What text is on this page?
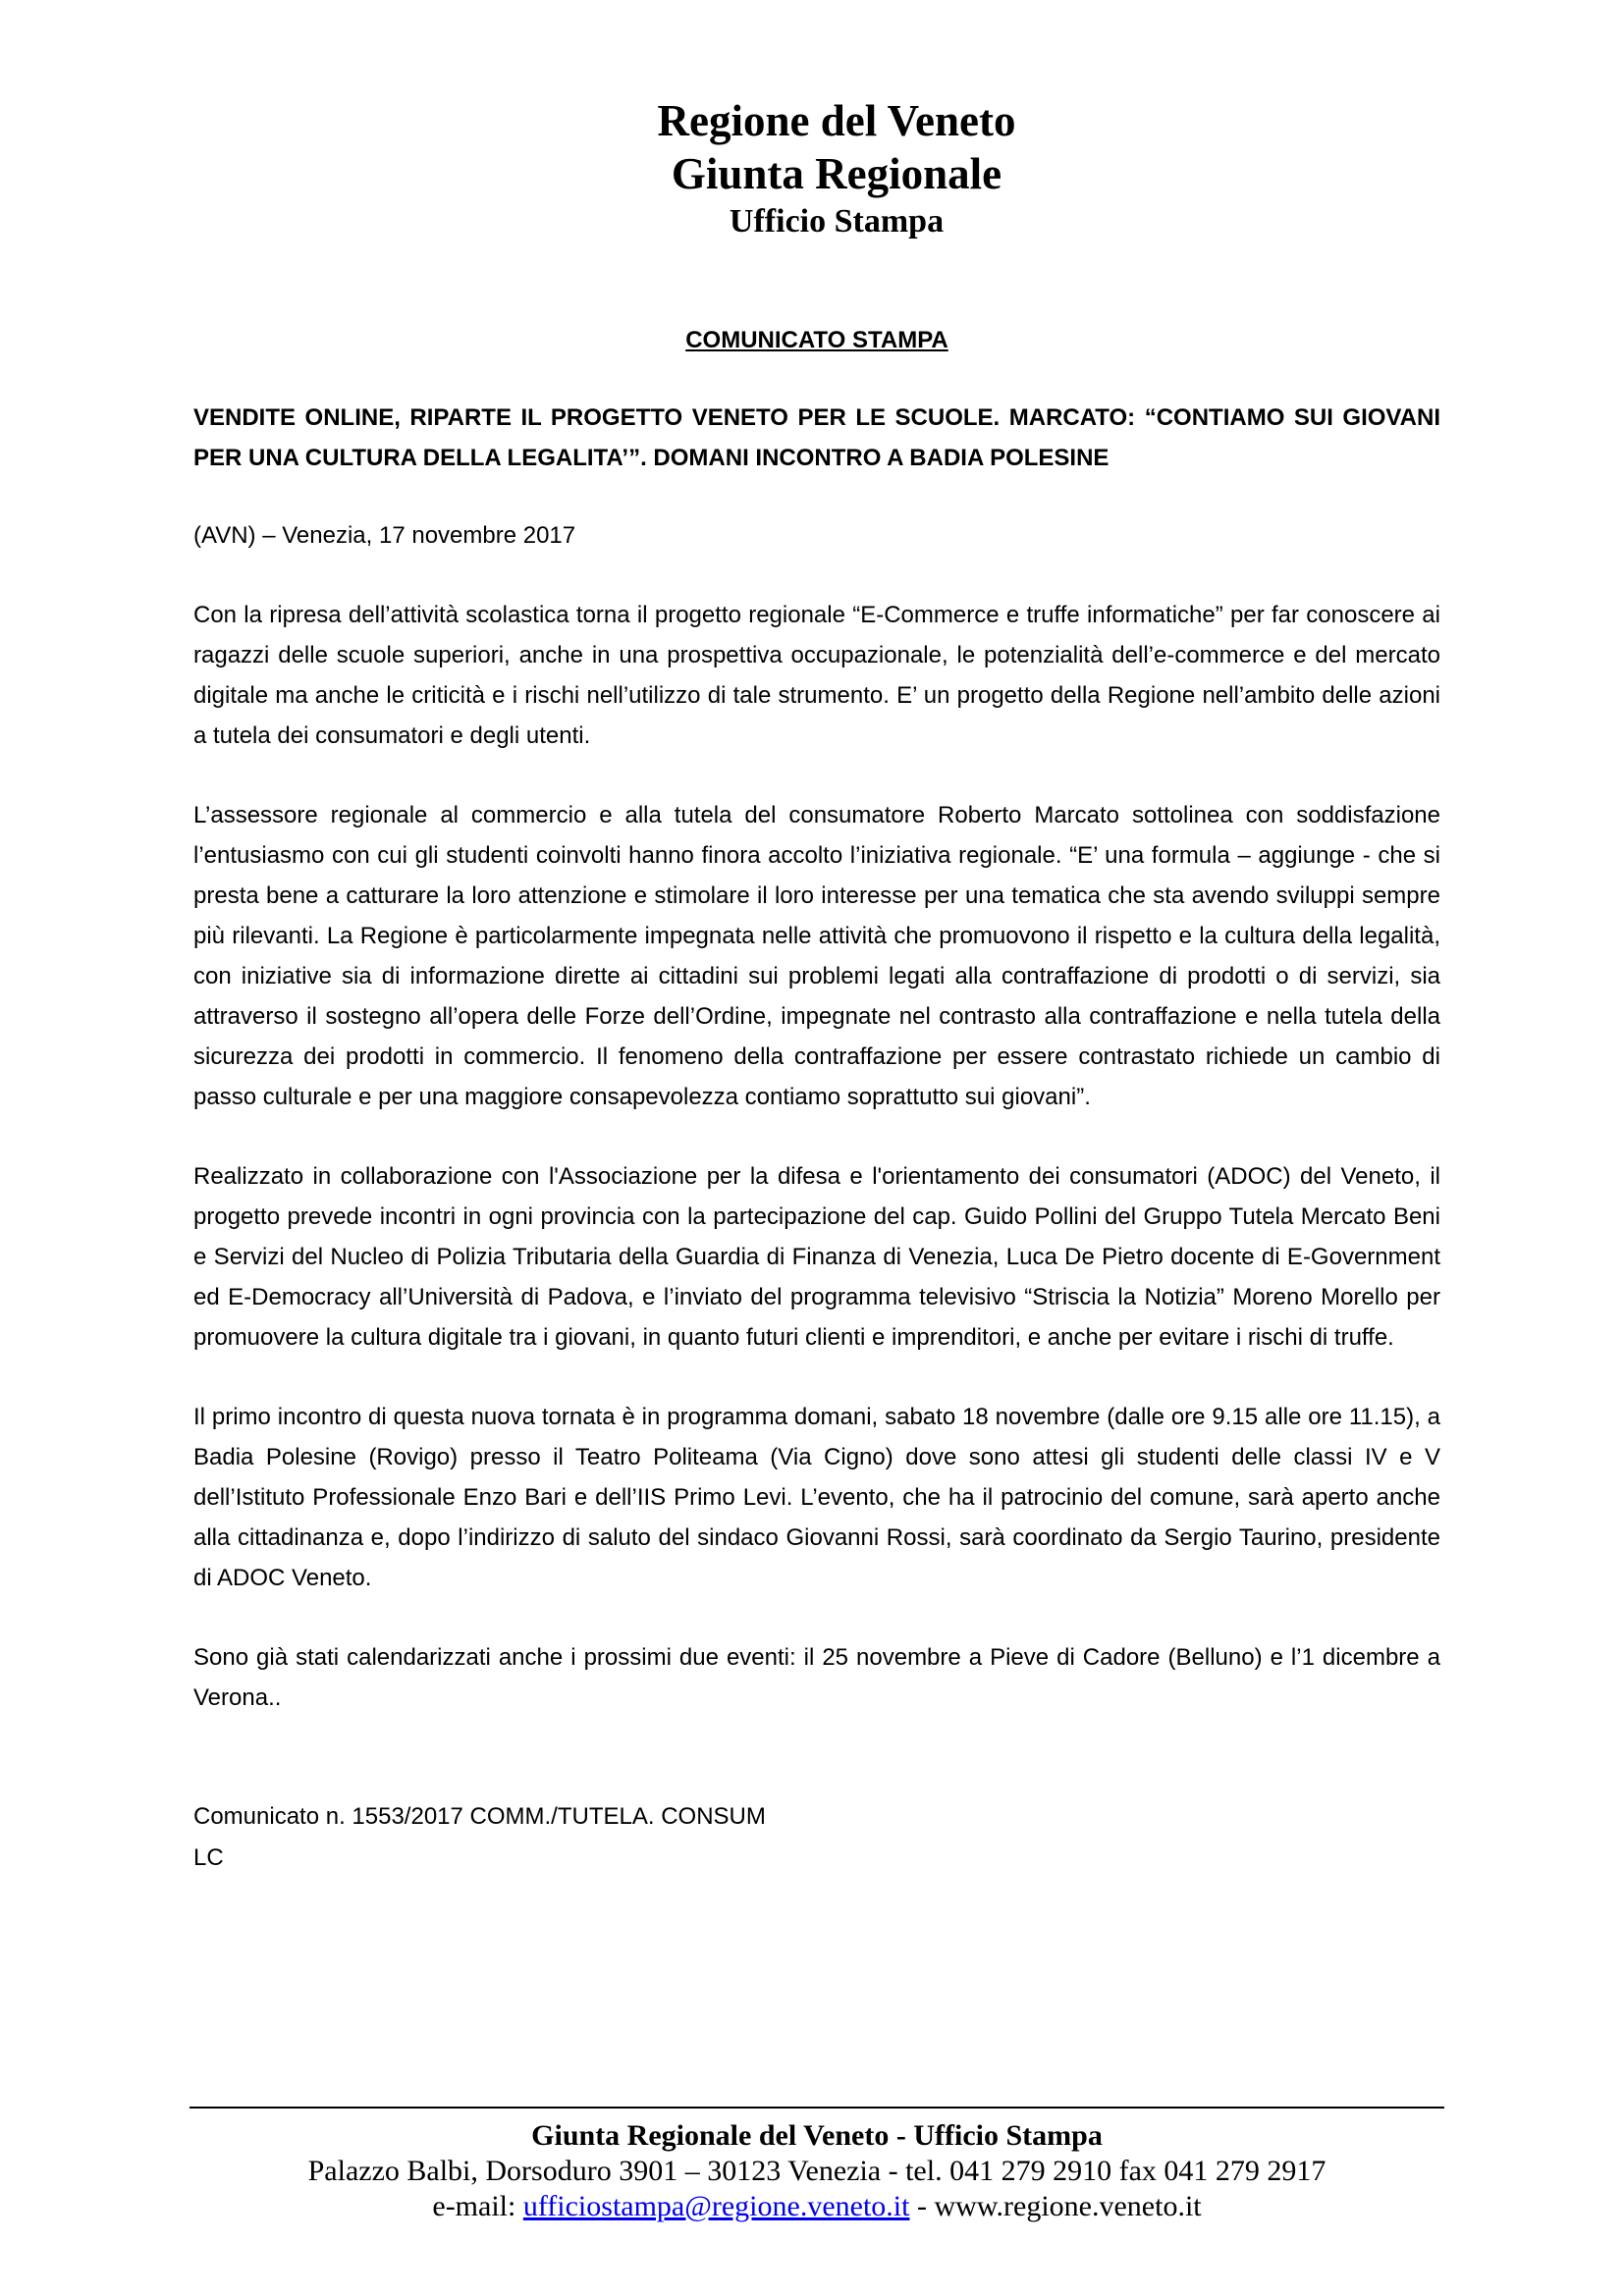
Regione del Veneto
Giunta Regionale
Ufficio Stampa
COMUNICATO STAMPA
VENDITE ONLINE, RIPARTE IL PROGETTO VENETO PER LE SCUOLE. MARCATO: “CONTIAMO SUI GIOVANI PER UNA CULTURA DELLA LEGALITA’”. DOMANI INCONTRO A BADIA POLESINE
(AVN) – Venezia, 17 novembre 2017

Con la ripresa dell’attività scolastica torna il progetto regionale “E-Commerce e truffe informatiche” per far conoscere ai ragazzi delle scuole superiori, anche in una prospettiva occupazionale, le potenzialità dell’e-commerce e del mercato digitale ma anche le criticità e i rischi nell’utilizzo di tale strumento. E’ un progetto della Regione nell’ambito delle azioni a tutela dei consumatori e degli utenti.

L’assessore regionale al commercio e alla tutela del consumatore Roberto Marcato sottolinea con soddisfazione l’entusiasmo con cui gli studenti coinvolti hanno finora accolto l’iniziativa regionale. “E’ una formula – aggiunge - che si presta bene a catturare la loro attenzione e stimolare il loro interesse per una tematica che sta avendo sviluppi sempre più rilevanti. La Regione è particolarmente impegnata nelle attività che promuovono il rispetto e la cultura della legalità, con iniziative sia di informazione dirette ai cittadini sui problemi legati alla contraffazione di prodotti o di servizi, sia attraverso il sostegno all’opera delle Forze dell’Ordine, impegnate nel contrasto alla contraffazione e nella tutela della sicurezza dei prodotti in commercio. Il fenomeno della contraffazione per essere contrastato richiede un cambio di passo culturale e per una maggiore consapevolezza contiamo soprattutto sui giovani”.

Realizzato in collaborazione con l'Associazione per la difesa e l'orientamento dei consumatori (ADOC) del Veneto, il progetto prevede incontri in ogni provincia con la partecipazione del cap. Guido Pollini del Gruppo Tutela Mercato Beni e Servizi del Nucleo di Polizia Tributaria della Guardia di Finanza di Venezia, Luca De Pietro docente di E-Government ed E-Democracy all’Università di Padova, e l’inviato del programma televisivo “Striscia la Notizia” Moreno Morello per promuovere la cultura digitale tra i giovani, in quanto futuri clienti e imprenditori, e anche per evitare i rischi di truffe.

Il primo incontro di questa nuova tornata è in programma domani, sabato 18 novembre (dalle ore 9.15 alle ore 11.15), a Badia Polesine (Rovigo) presso il Teatro Politeama (Via Cigno) dove sono attesi gli studenti delle classi IV e V dell’Istituto Professionale Enzo Bari e dell’IIS Primo Levi. L’evento, che ha il patrocinio del comune, sarà aperto anche alla cittadinanza e, dopo l’indirizzo di saluto del sindaco Giovanni Rossi, sarà coordinato da Sergio Taurino, presidente di ADOC Veneto.

Sono già stati calendarizzati anche i prossimi due eventi: il 25 novembre a Pieve di Cadore (Belluno) e l’1 dicembre a Verona..

Comunicato n. 1553/2017 COMM./TUTELA. CONSUM
LC
Giunta Regionale del Veneto - Ufficio Stampa
Palazzo Balbi, Dorsoduro 3901 – 30123 Venezia - tel. 041 279 2910 fax 041 279 2917
e-mail: ufficiostampa@regione.veneto.it - www.regione.veneto.it
